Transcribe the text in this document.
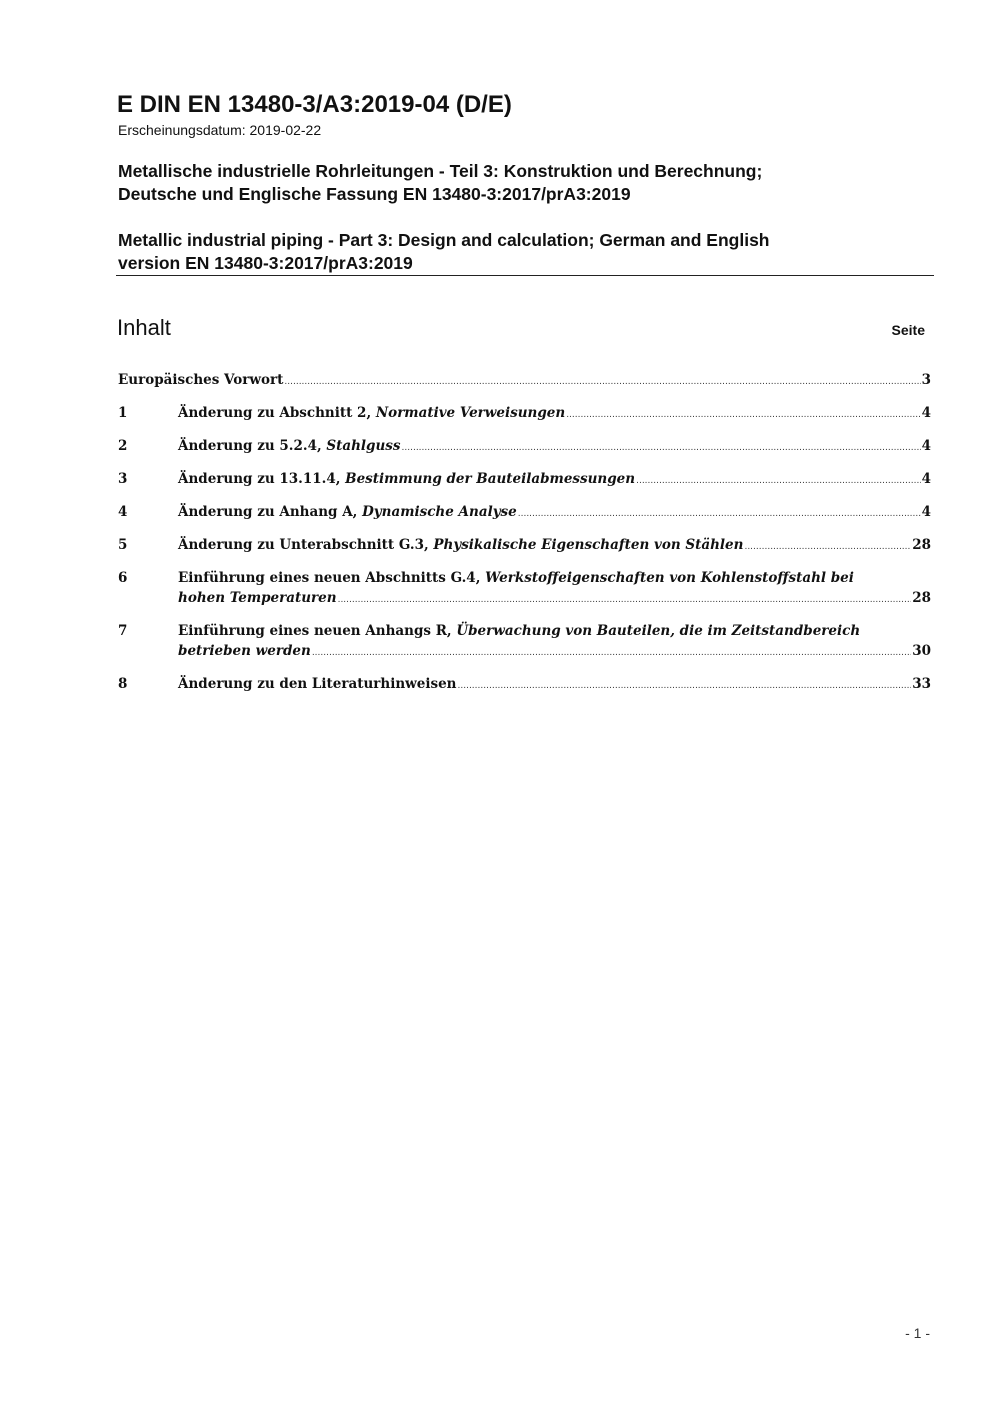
E DIN EN 13480-3/A3:2019-04 (D/E)
Erscheinungsdatum: 2019-02-22
Metallische industrielle Rohrleitungen - Teil 3: Konstruktion und Berechnung;
Deutsche und Englische Fassung EN 13480-3:2017/prA3:2019
Metallic industrial piping - Part 3: Design and calculation; German and English
version EN 13480-3:2017/prA3:2019
Inhalt	Seite
Europäisches Vorwort .....	3
1	Änderung zu Abschnitt 2, Normative Verweisungen .....	4
2	Änderung zu 5.2.4, Stahlguss .....	4
3	Änderung zu 13.11.4, Bestimmung der Bauteilabmessungen .....	4
4	Änderung zu Anhang A, Dynamische Analyse .....	4
5	Änderung zu Unterabschnitt G.3, Physikalische Eigenschaften von Stählen .....	28
6	Einführung eines neuen Abschnitts G.4, Werkstoffeigenschaften von Kohlenstoffstahl bei
hohen Temperaturen .....	28
7	Einführung eines neuen Anhangs R, Überwachung von Bauteilen, die im Zeitstandbereich
betrieben werden .....	30
8	Änderung zu den Literaturhinweisen .....	33
- 1 -
